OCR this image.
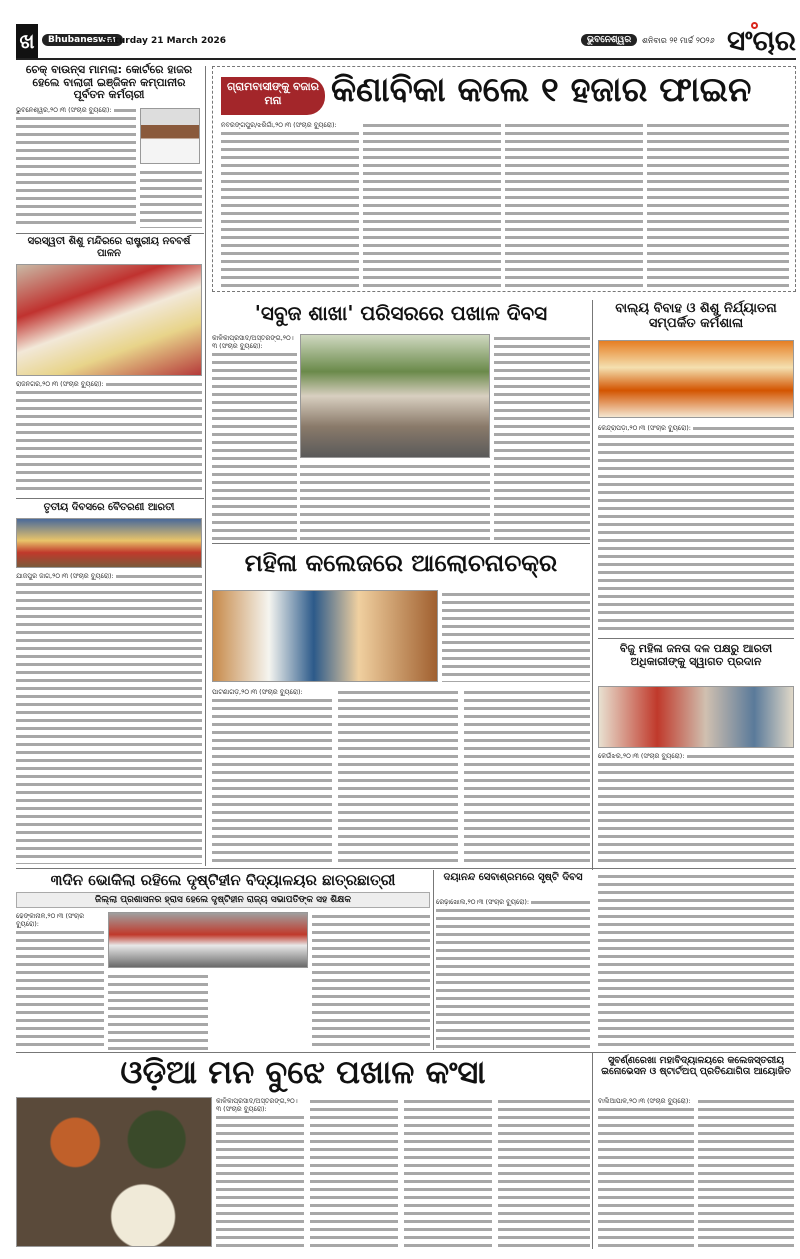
ଖ	Bhubaneswar
Saturday 21 March 2026	ଭୁବନେଶ୍ୱର	ଶନିବାର ୨୧ ମାର୍ଚ୍ଚ ୨୦୨୬ ସଂଚାର
ଚେକ୍ ବାଉନ୍ସ ମାମଲା: କୋର୍ଟରେ ହାଜର ହେଲେ ବାଲାଜୀ ଇଞ୍ଜିକନ କମ୍ପାନୀର ପୂର୍ବତନ କର୍ମଚାରୀ
ଭୁବନେଶ୍ୱର,୨୦।୩ (ସଂଚାର ବ୍ୟୁରୋ):
ସରସ୍ୱତୀ ଶିଶୁ ମନ୍ଦିରରେ ରାଷ୍ଟ୍ରୀୟ ନବବର୍ଷ ପାଳନ
ରାଜନଗର,୨୦।୩ (ସଂଚାର ବ୍ୟୁରୋ):
ତୃତୀୟ ଦିବସରେ ବୈତରଣୀ ଆରତୀ
ଯାଜପୁର ଜାଗ,୨୦।୩ (ସଂଚାର ବ୍ୟୁରୋ):
ଗ୍ରାମବାସୀଙ୍କୁ ବଜାର ମନା	କିଣାବିକା କଲେ ୧ ହଜାର ଫାଇନ
ନବରଙ୍ଗପୁର/ଝରିଗାଁ,୨୦।୩ (ସଂଚାର ବ୍ୟୁରୋ):
'ସବୁଜ ଶାଖା' ପରିସରରେ ପଖାଳ ଦିବସ
କାଳିକାପ୍ରସାଦ/ଅସ୍ତରଙ୍ଗ,୨୦।୩ (ସଂଚାର ବ୍ୟୁରୋ):
ବାଲ୍ୟ ବିବାହ ଓ ଶିଶୁ ନିର୍ଯ୍ୟାତନା ସମ୍ପର୍କିତ କର୍ମଶାଳା
କେନ୍ଦ୍ରାପଡ଼ା,୨୦।୩ (ସଂଚାର ବ୍ୟୁରୋ):
ମହିଳା କଲେଜରେ ଆଲୋଚନାଚକ୍ର
ପାଟଣାଗଡ଼,୨୦।୩ (ସଂଚାର ବ୍ୟୁରୋ):
ବିଜୁ ମହିଳା ଜନତା ଦଳ ପକ୍ଷରୁ ଆରତୀ ଅଧିକାରୀଙ୍କୁ ସ୍ୱାଗତ ପ୍ରଦାନ
କେଉଁଝର,୨୦।୩ (ସଂଚାର ବ୍ୟୁରୋ):
୩ଦିନ ଭୋକିଲା ରହିଲେ ଦୃଷ୍ଟିହୀନ ବିଦ୍ୟାଳୟର ଛାତ୍ରଛାତ୍ରୀ
ଜିଲ୍ଲା ପ୍ରଶାସନର ହ୍ରାସ ହେଲେ ଦୃଷ୍ଟିହୀନ ରାଜ୍ୟ ସଭାପତିଙ୍କ ସହ ଶିକ୍ଷକ
ଢେଙ୍କାନାଳ,୨୦।୩ (ସଂଚାର ବ୍ୟୁରୋ):
ଦୟାନନ୍ଦ ସେବାଶ୍ରମରେ ସୃଷ୍ଟି ଦିବସ
ରେଢ଼ାଖୋଲ,୨୦।୩ (ସଂଚାର ବ୍ୟୁରୋ):
ଓଡ଼ିଆ ମନ ବୁଝେ ପଖାଳ କଂସା
କାଳିକାପ୍ରସାଦ/ଅସ୍ତରଙ୍ଗ,୨୦।୩ (ସଂଚାର ବ୍ୟୁରୋ):
ସୁବର୍ଣ୍ଣରେଖା ମହାବିଦ୍ୟାଳୟରେ କଲେଜସ୍ତରୀୟ ଇନୋଭେସନ ଓ ଷ୍ଟାର୍ଟଅପ୍ ପ୍ରତିଯୋଗିତା ଆୟୋଜିତ
ବାଲିଆପାଳ,୨୦।୩ (ସଂଚାର ବ୍ୟୁରୋ):
